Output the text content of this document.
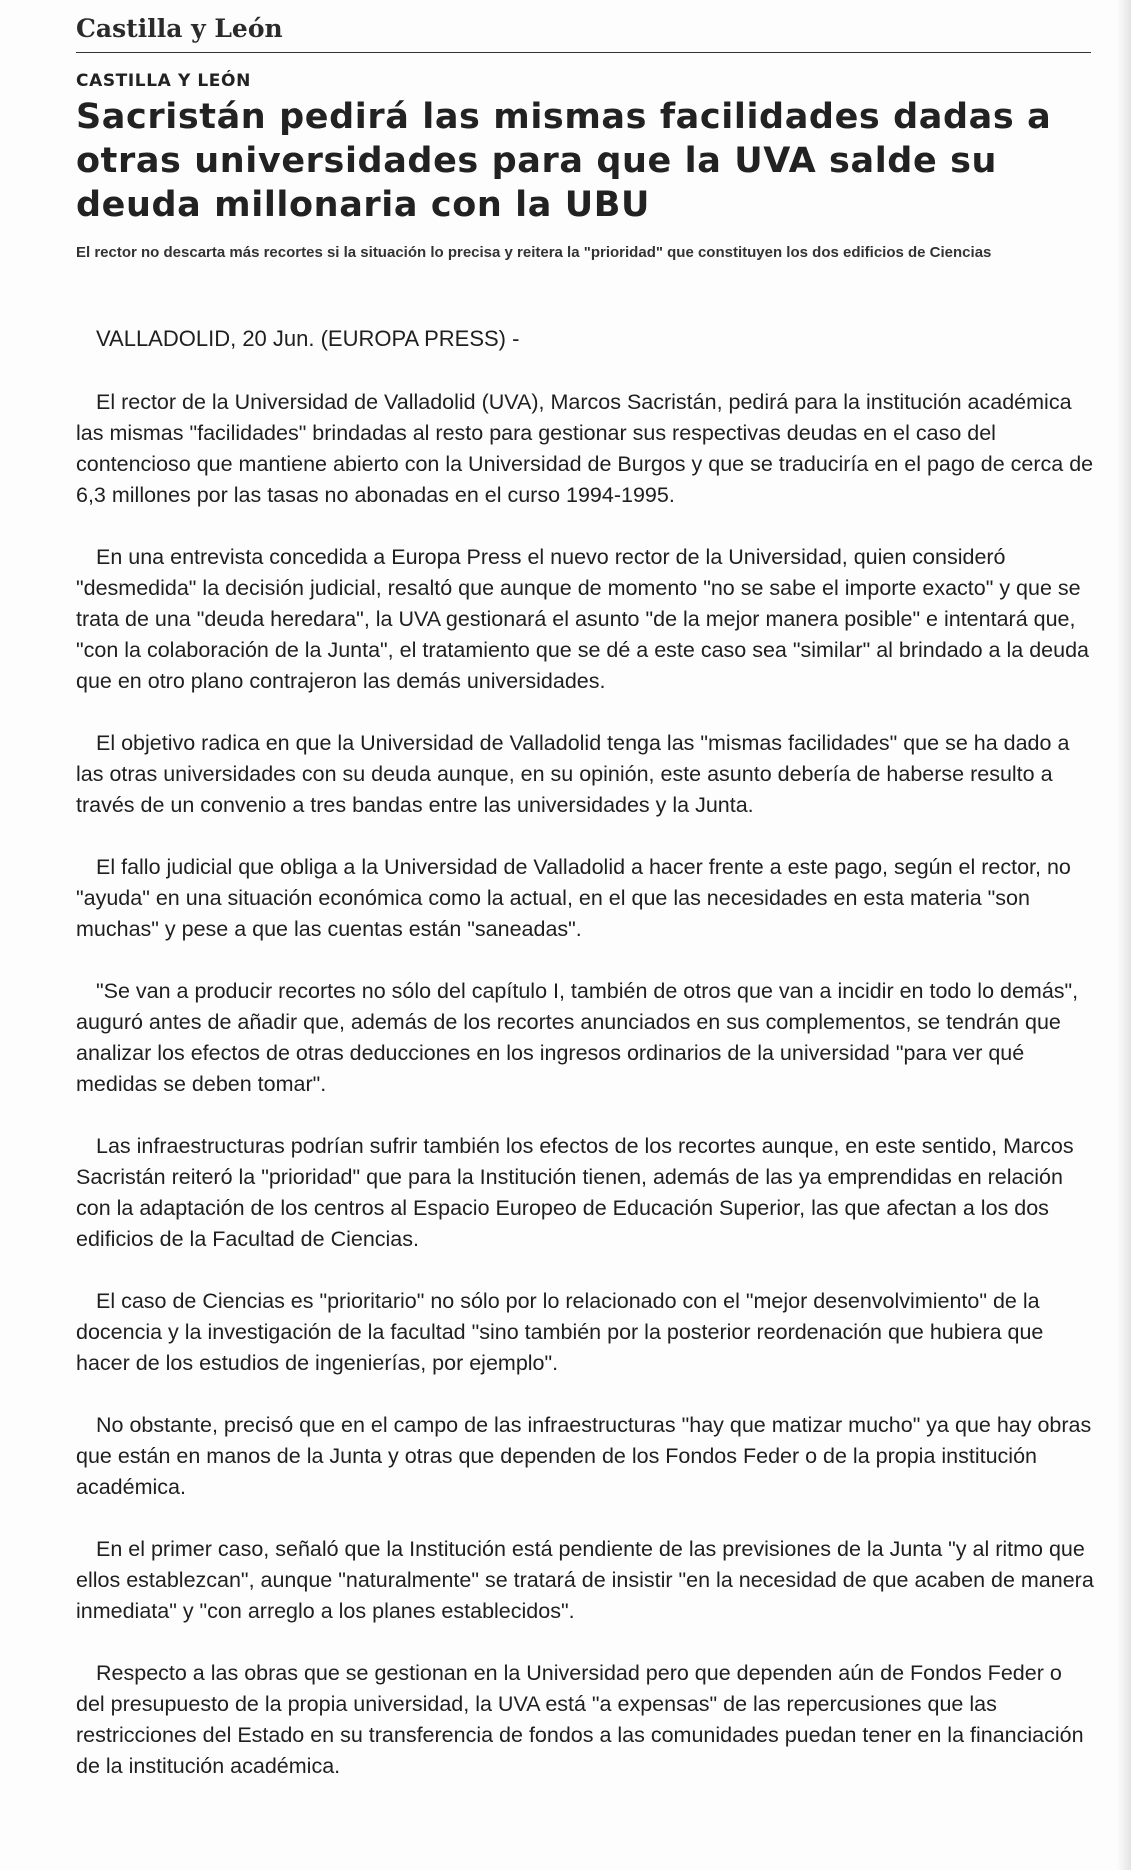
Castilla y León
CASTILLA Y LEÓN
Sacristán pedirá las mismas facilidades dadas a otras universidades para que la UVA salde su deuda millonaria con la UBU
El rector no descarta más recortes si la situación lo precisa y reitera la "prioridad" que constituyen los dos edificios de Ciencias
VALLADOLID, 20 Jun. (EUROPA PRESS) -

El rector de la Universidad de Valladolid (UVA), Marcos Sacristán, pedirá para la institución académica las mismas "facilidades" brindadas al resto para gestionar sus respectivas deudas en el caso del contencioso que mantiene abierto con la Universidad de Burgos y que se traduciría en el pago de cerca de 6,3 millones por las tasas no abonadas en el curso 1994-1995.

En una entrevista concedida a Europa Press el nuevo rector de la Universidad, quien consideró "desmedida" la decisión judicial, resaltó que aunque de momento "no se sabe el importe exacto" y que se trata de una "deuda heredara", la UVA gestionará el asunto "de la mejor manera posible" e intentará que, "con la colaboración de la Junta", el tratamiento que se dé a este caso sea "similar" al brindado a la deuda que en otro plano contrajeron las demás universidades.

El objetivo radica en que la Universidad de Valladolid tenga las "mismas facilidades" que se ha dado a las otras universidades con su deuda aunque, en su opinión, este asunto debería de haberse resulto a través de un convenio a tres bandas entre las universidades y la Junta.

El fallo judicial que obliga a la Universidad de Valladolid a hacer frente a este pago, según el rector, no "ayuda" en una situación económica como la actual, en el que las necesidades en esta materia "son muchas" y pese a que las cuentas están "saneadas".

"Se van a producir recortes no sólo del capítulo I, también de otros que van a incidir en todo lo demás", auguró antes de añadir que, además de los recortes anunciados en sus complementos, se tendrán que analizar los efectos de otras deducciones en los ingresos ordinarios de la universidad "para ver qué medidas se deben tomar".

Las infraestructuras podrían sufrir también los efectos de los recortes aunque, en este sentido, Marcos Sacristán reiteró la "prioridad" que para la Institución tienen, además de las ya emprendidas en relación con la adaptación de los centros al Espacio Europeo de Educación Superior, las que afectan a los dos edificios de la Facultad de Ciencias.

El caso de Ciencias es "prioritario" no sólo por lo relacionado con el "mejor desenvolvimiento" de la docencia y la investigación de la facultad "sino también por la posterior reordenación que hubiera que hacer de los estudios de ingenierías, por ejemplo".

No obstante, precisó que en el campo de las infraestructuras "hay que matizar mucho" ya que hay obras que están en manos de la Junta y otras que dependen de los Fondos Feder o de la propia institución académica.

En el primer caso, señaló que la Institución está pendiente de las previsiones de la Junta "y al ritmo que ellos establezcan", aunque "naturalmente" se tratará de insistir "en la necesidad de que acaben de manera inmediata" y "con arreglo a los planes establecidos".

Respecto a las obras que se gestionan en la Universidad pero que dependen aún de Fondos Feder o del presupuesto de la propia universidad, la UVA está "a expensas" de las repercusiones que las restricciones del Estado en su transferencia de fondos a las comunidades puedan tener en la financiación de la institución académica.
